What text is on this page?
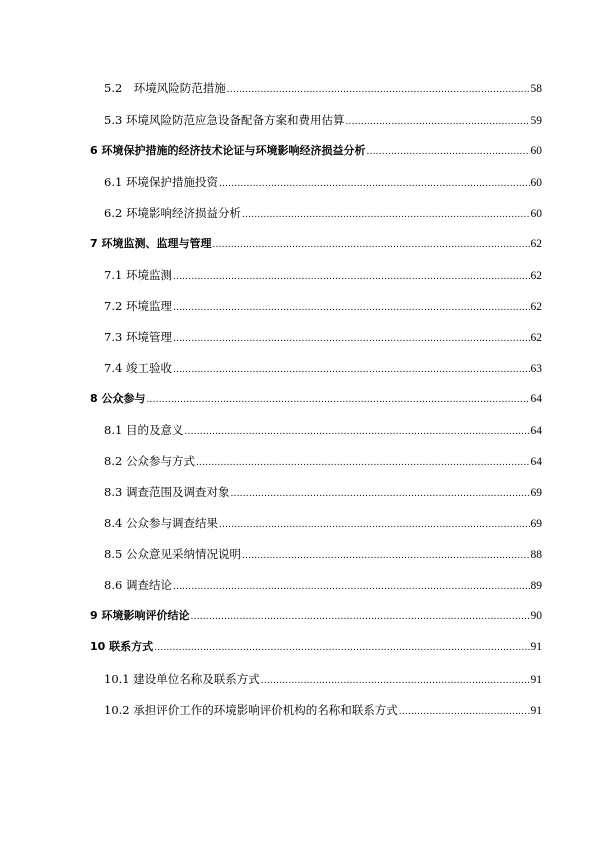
5.2　环境风险防范措施 .....	58
5.3 环境风险防范应急设备配备方案和费用估算 .....	59
6 环境保护措施的经济技术论证与环境影响经济损益分析 .....	60
6.1 环境保护措施投资 .....	60
6.2 环境影响经济损益分析 .....	60
7 环境监测、监理与管理 .....	62
7.1 环境监测 .....	62
7.2 环境监理 .....	62
7.3 环境管理 .....	62
7.4 竣工验收 .....	63
8 公众参与 .....	64
8.1 目的及意义 .....	64
8.2 公众参与方式 .....	64
8.3 调查范围及调查对象 .....	69
8.4 公众参与调查结果 .....	69
8.5 公众意见采纳情况说明 .....	88
8.6 调查结论 .....	89
9 环境影响评价结论 .....	90
10 联系方式 .....	91
10.1 建设单位名称及联系方式 .....	91
10.2 承担评价工作的环境影响评价机构的名称和联系方式 .....	91
